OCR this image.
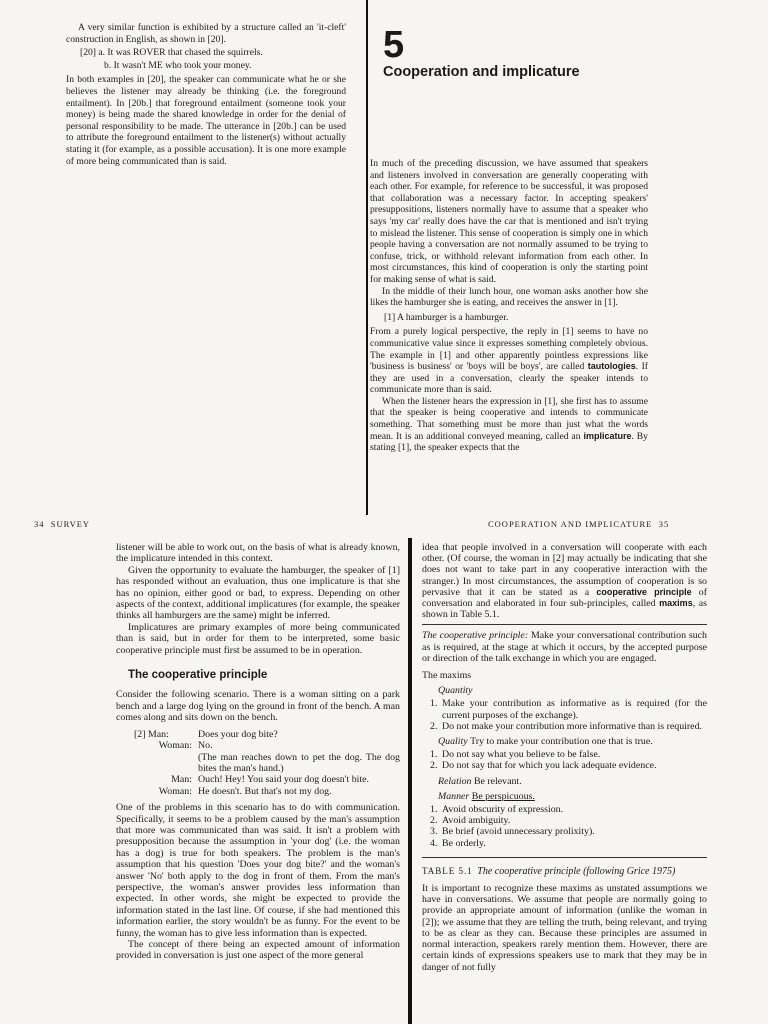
A very similar function is exhibited by a structure called an 'it-cleft' construction in English, as shown in [20].

[20] a. It was ROVER that chased the squirrels.
b. It wasn't ME who took your money.

In both examples in [20], the speaker can communicate what he or she believes the listener may already be thinking (i.e. the foreground entailment). In [20b.] that foreground entailment (someone took your money) is being made the shared knowledge in order for the denial of personal responsibility to be made. The utterance in [20b.] can be used to attribute the foreground entailment to the listener(s) without actually stating it (for example, as a possible accusation). It is one more example of more being communicated than is said.

5
Cooperation and implicature

In much of the preceding discussion, we have assumed that speakers and listeners involved in conversation are generally cooperating with each other. For example, for reference to be successful, it was proposed that collaboration was a necessary factor. In accepting speakers' presuppositions, listeners normally have to assume that a speaker who says 'my car' really does have the car that is mentioned and isn't trying to mislead the listener. This sense of cooperation is simply one in which people having a conversation are not normally assumed to be trying to confuse, trick, or withhold relevant information from each other. In most circumstances, this kind of cooperation is only the starting point for making sense of what is said.

In the middle of their lunch hour, one woman asks another how she likes the hamburger she is eating, and receives the answer in [1].

[1] A hamburger is a hamburger.

From a purely logical perspective, the reply in [1] seems to have no communicative value since it expresses something completely obvious. The example in [1] and other apparently pointless expressions like 'business is business' or 'boys will be boys', are called tautologies. If they are used in a conversation, clearly the speaker intends to communicate more than is said.

When the listener hears the expression in [1], she first has to assume that the speaker is being cooperative and intends to communicate something. That something must be more than just what the words mean. It is an additional conveyed meaning, called an implicature. By stating [1], the speaker expects that the

34 SURVEY	COOPERATION AND IMPLICATURE 35

listener will be able to work out, on the basis of what is already known, the implicature intended in this context.

Given the opportunity to evaluate the hamburger, the speaker of [1] has responded without an evaluation, thus one implicature is that she has no opinion, either good or bad, to express. Depending on other aspects of the context, additional implicatures (for example, the speaker thinks all hamburgers are the same) might be inferred.

Implicatures are primary examples of more being communicated than is said, but in order for them to be interpreted, some basic cooperative principle must first be assumed to be in operation.

The cooperative principle

Consider the following scenario. There is a woman sitting on a park bench and a large dog lying on the ground in front of the bench. A man comes along and sits down on the bench.

[2] Man:	Does your dog bite?
Woman: No.
(The man reaches down to pet the dog. The dog bites the man's hand.)
Man: Ouch! Hey! You said your dog doesn't bite.
Woman: He doesn't. But that's not my dog.

One of the problems in this scenario has to do with communication. Specifically, it seems to be a problem caused by the man's assumption that more was communicated than was said. It isn't a problem with presupposition because the assumption in 'your dog' (i.e. the woman has a dog) is true for both speakers. The problem is the man's assumption that his question 'Does your dog bite?' and the woman's answer 'No' both apply to the dog in front of them. From the man's perspective, the woman's answer provides less information than expected. In other words, she might be expected to provide the information stated in the last line. Of course, if she had mentioned this information earlier, the story wouldn't be as funny. For the event to be funny, the woman has to give less information than is expected.

The concept of there being an expected amount of information provided in conversation is just one aspect of the more general

idea that people involved in a conversation will cooperate with each other. (Of course, the woman in [2] may actually be indicating that she does not want to take part in any cooperative interaction with the stranger.) In most circumstances, the assumption of cooperation is so pervasive that it can be stated as a cooperative principle of conversation and elaborated in four sub-principles, called maxims, as shown in Table 5.1.

The cooperative principle: Make your conversational contribution such as is required, at the stage at which it occurs, by the accepted purpose or direction of the talk exchange in which you are engaged.

The maxims
Quantity
1. Make your contribution as informative as is required (for the current purposes of the exchange).
2. Do not make your contribution more informative than is required.
Quality Try to make your contribution one that is true.
1. Do not say what you believe to be false.
2. Do not say that for which you lack adequate evidence.
Relation Be relevant.
Manner Be perspicuous.
1. Avoid obscurity of expression.
2. Avoid ambiguity.
3. Be brief (avoid unnecessary prolixity).
4. Be orderly.
TABLE 5.1 The cooperative principle (following Grice 1975)

It is important to recognize these maxims as unstated assumptions we have in conversations. We assume that people are normally going to provide an appropriate amount of information (unlike the woman in [2]); we assume that they are telling the truth, being relevant, and trying to be as clear as they can. Because these principles are assumed in normal interaction, speakers rarely mention them. However, there are certain kinds of expressions speakers use to mark that they may be in danger of not fully
